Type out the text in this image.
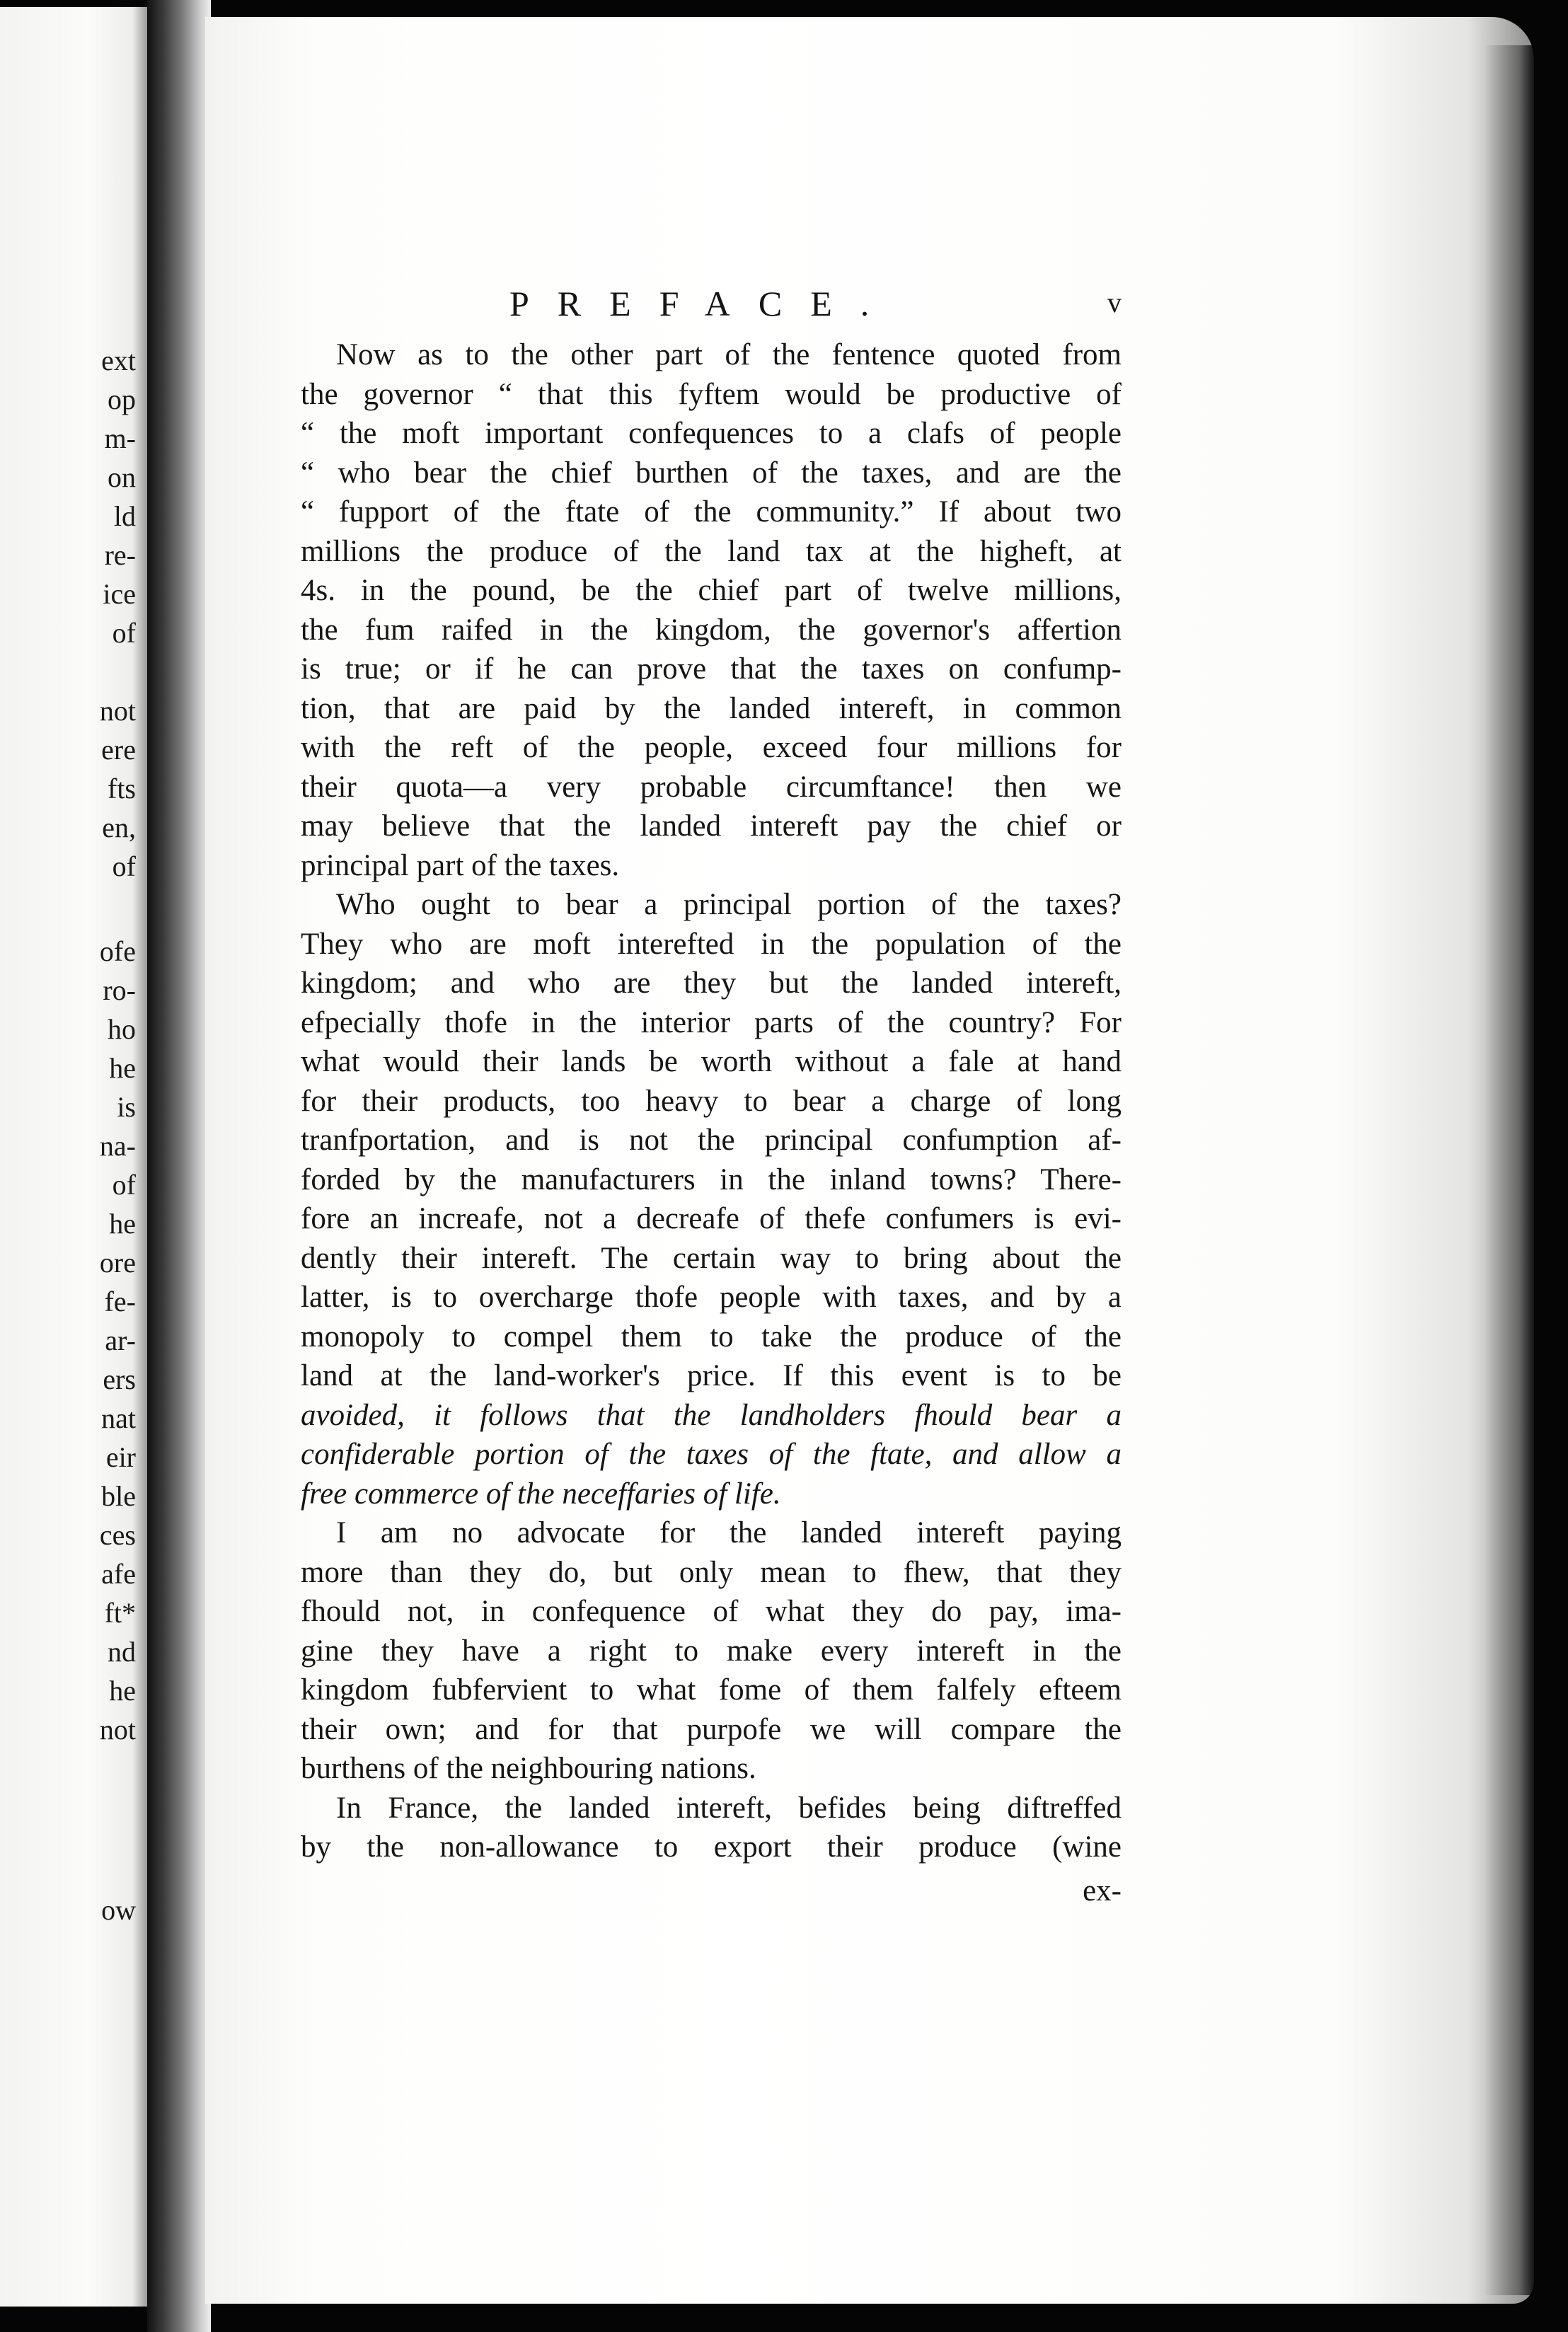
ext

op

m-

on

ld

re-

ice

of

not

ere

fts

en,

of

ofe

ro-

ho

he

is

na-

of

he

ore

fe-

ar-

ers

nat

eir

ble

ces

afe

ft*

nd

he

not

ow

PREFACE.	v

Now as to the other part of the fentence quoted from

the governor “ that this fyftem would be productive of

“ the moft important confequences to a clafs of people

“ who bear the chief burthen of the taxes, and are the

“ fupport of the ftate of the community.” If about two

millions the produce of the land tax at the higheft, at

4s. in the pound, be the chief part of twelve millions,

the fum raifed in the kingdom, the governor's affertion

is true; or if he can prove that the taxes on confump-

tion, that are paid by the landed intereft, in common

with the reft of the people, exceed four millions for

their quota—a very probable circumftance! then we

may believe that the landed intereft pay the chief or

principal part of the taxes.

Who ought to bear a principal portion of the taxes?

They who are moft interefted in the population of the

kingdom; and who are they but the landed intereft,

efpecially thofe in the interior parts of the country? For

what would their lands be worth without a fale at hand

for their products, too heavy to bear a charge of long

tranfportation, and is not the principal confumption af-

forded by the manufacturers in the inland towns? There-

fore an increafe, not a decreafe of thefe confumers is evi-

dently their intereft. The certain way to bring about the

latter, is to overcharge thofe people with taxes, and by a

monopoly to compel them to take the produce of the

land at the land-worker's price. If this event is to be

avoided, it follows that the landholders fhould bear a

confiderable portion of the taxes of the ftate, and allow a

free commerce of the neceffaries of life.

I am no advocate for the landed intereft paying

more than they do, but only mean to fhew, that they

fhould not, in confequence of what they do pay, ima-

gine they have a right to make every intereft in the

kingdom fubfervient to what fome of them falfely efteem

their own; and for that purpofe we will compare the

burthens of the neighbouring nations.

In France, the landed intereft, befides being diftreffed

by the non-allowance to export their produce (wine

ex-
